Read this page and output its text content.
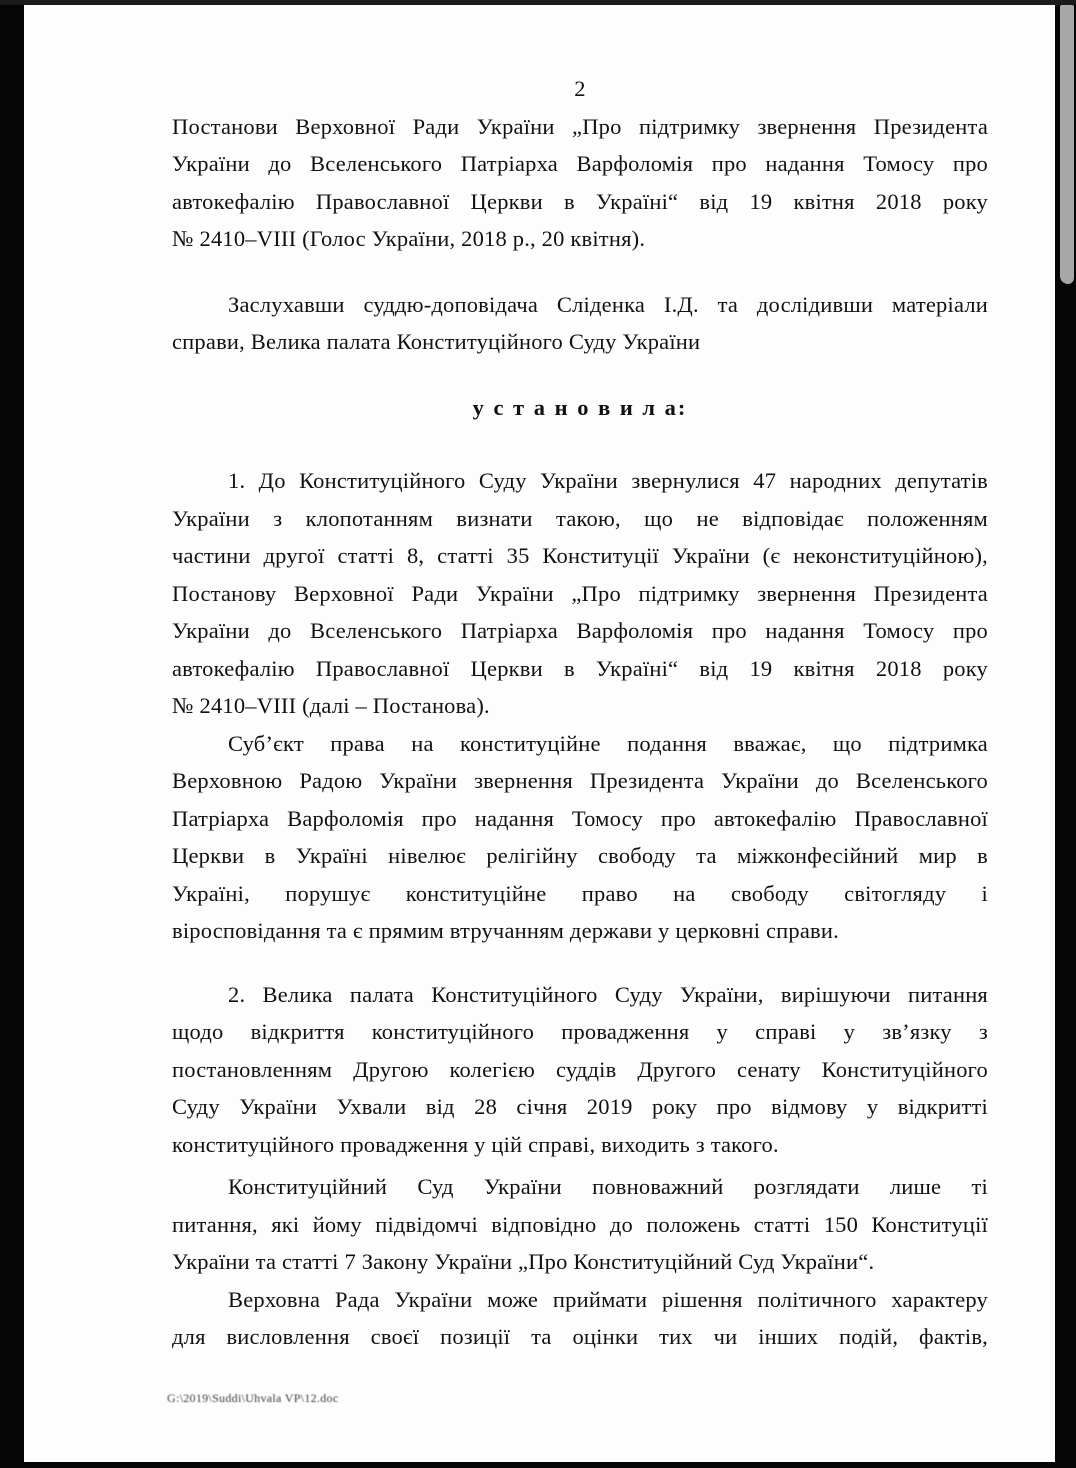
2
Постанови Верховної Ради України „Про підтримку звернення Президента
України до Вселенського Патріарха Варфоломія про надання Томосу про
автокефалію Православної Церкви в Україні“ від 19 квітня 2018 року
№ 2410–VIII (Голос України, 2018 р., 20 квітня).
Заслухавши суддю-доповідача Сліденка І.Д. та дослідивши матеріали
справи, Велика палата Конституційного Суду України
у с т а н о в и л а:
1. До Конституційного Суду України звернулися 47 народних депутатів
України з клопотанням визнати такою, що не відповідає положенням
частини другої статті 8, статті 35 Конституції України (є неконституційною),
Постанову Верховної Ради України „Про підтримку звернення Президента
України до Вселенського Патріарха Варфоломія про надання Томосу про
автокефалію Православної Церкви в Україні“ від 19 квітня 2018 року
№ 2410–VIII (далі – Постанова).
Суб’єкт права на конституційне подання вважає, що підтримка
Верховною Радою України звернення Президента України до Вселенського
Патріарха Варфоломія про надання Томосу про автокефалію Православної
Церкви в Україні нівелює релігійну свободу та міжконфесійний мир в
Україні, порушує конституційне право на свободу світогляду і
віросповідання та є прямим втручанням держави у церковні справи.
2. Велика палата Конституційного Суду України, вирішуючи питання
щодо відкриття конституційного провадження у справі у зв’язку з
постановленням Другою колегією суддів Другого сенату Конституційного
Суду України Ухвали від 28 січня 2019 року про відмову у відкритті
конституційного провадження у цій справі, виходить з такого.
Конституційний Суд України повноважний розглядати лише ті
питання, які йому підвідомчі відповідно до положень статті 150 Конституції
України та статті 7 Закону України „Про Конституційний Суд України“.
Верховна Рада України може приймати рішення політичного характеру
для висловлення своєї позиції та оцінки тих чи інших подій, фактів,
G:\2019\Suddi\Uhvala VP\12.doc
